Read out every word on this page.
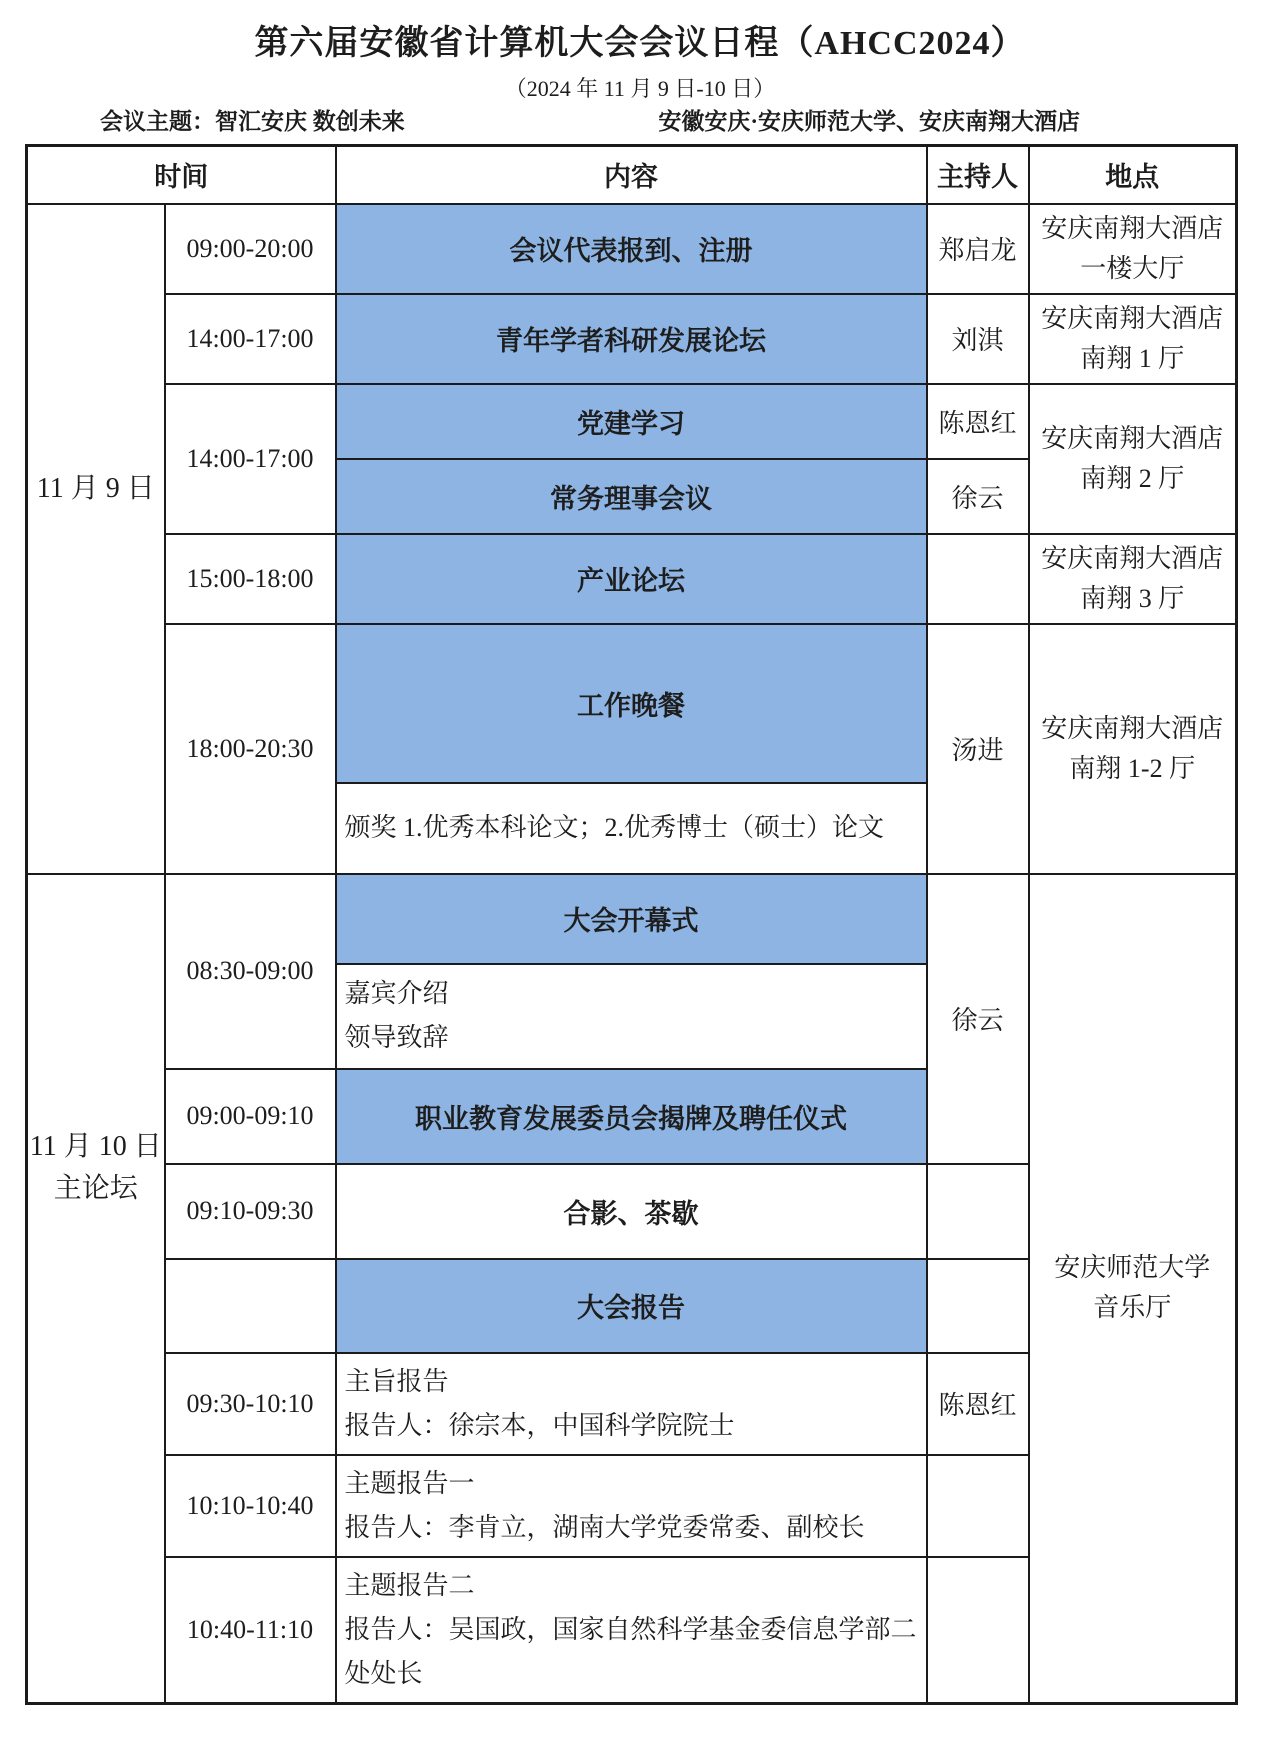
第六届安徽省计算机大会会议日程（AHCC2024）
（2024 年 11 月 9 日-10 日）
会议主题：智汇安庆 数创未来	安徽安庆·安庆师范大学、安庆南翔大酒店
时间		内容	主持人	地点

11 月 9 日	09:00-20:00	会议代表报到、注册	郑启龙	安庆南翔大酒店
一楼大厅

	14:00-17:00	青年学者科研发展论坛	刘淇	安庆南翔大酒店
南翔 1 厅

	14:00-17:00	党建学习	陈恩红	安庆南翔大酒店
南翔 2 厅

		常务理事会议	徐云	
	15:00-18:00	产业论坛		安庆南翔大酒店
南翔 3 厅

	18:00-20:30	工作晚餐	汤进	安庆南翔大酒店
南翔 1-2 厅

		颁奖 1.优秀本科论文；2.优秀博士（硕士）论文		

11 月 10 日
主论坛	08:30-09:00	大会开幕式	徐云	安庆师范大学
音乐厅

		嘉宾介绍
领导致辞		

	09:00-09:10	职业教育发展委员会揭牌及聘任仪式		
	09:10-09:30	合影、茶歇		
		大会报告		
	09:30-10:10	主旨报告
报告人：徐宗本，中国科学院院士	陈恩红	
	10:10-10:40	主题报告一
报告人：李肯立，湖南大学党委常委、副校长		

	10:40-11:10	主题报告二
报告人：吴国政，国家自然科学基金委信息学部二处处长		
